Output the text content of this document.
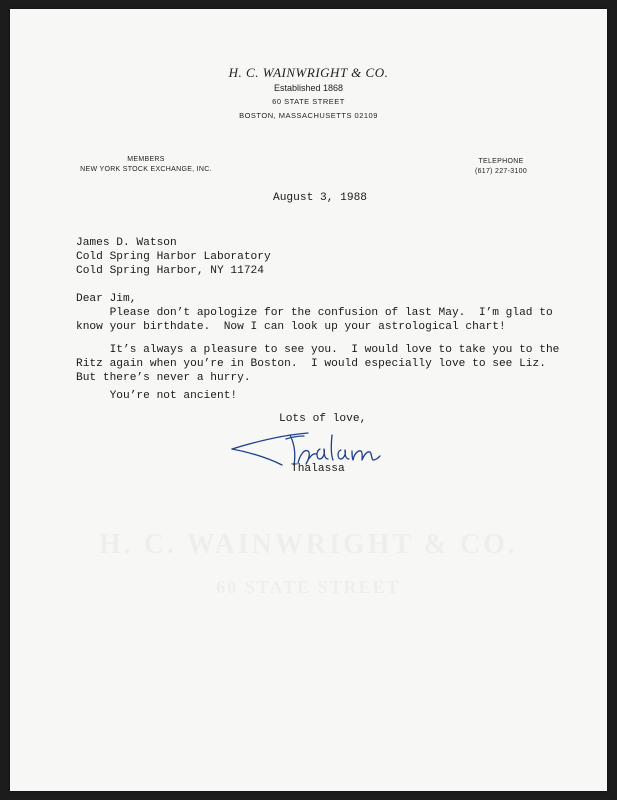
H. C. WAINWRIGHT & CO.
Established 1868
60 STATE STREET
BOSTON, MASSACHUSETTS 02109
MEMBERS
NEW YORK STOCK EXCHANGE, INC.
TELEPHONE
(617) 227-3100
August 3, 1988
James D. Watson
Cold Spring Harbor Laboratory
Cold Spring Harbor, NY 11724
Dear Jim,
Please don’t apologize for the confusion of last May.  I’m glad to
know your birthdate.  Now I can look up your astrological chart!
It’s always a pleasure to see you.  I would love to take you to the
Ritz again when you’re in Boston.  I would especially love to see Liz.
But there’s never a hurry.
You’re not ancient!
Lots of love,
Thalassa
